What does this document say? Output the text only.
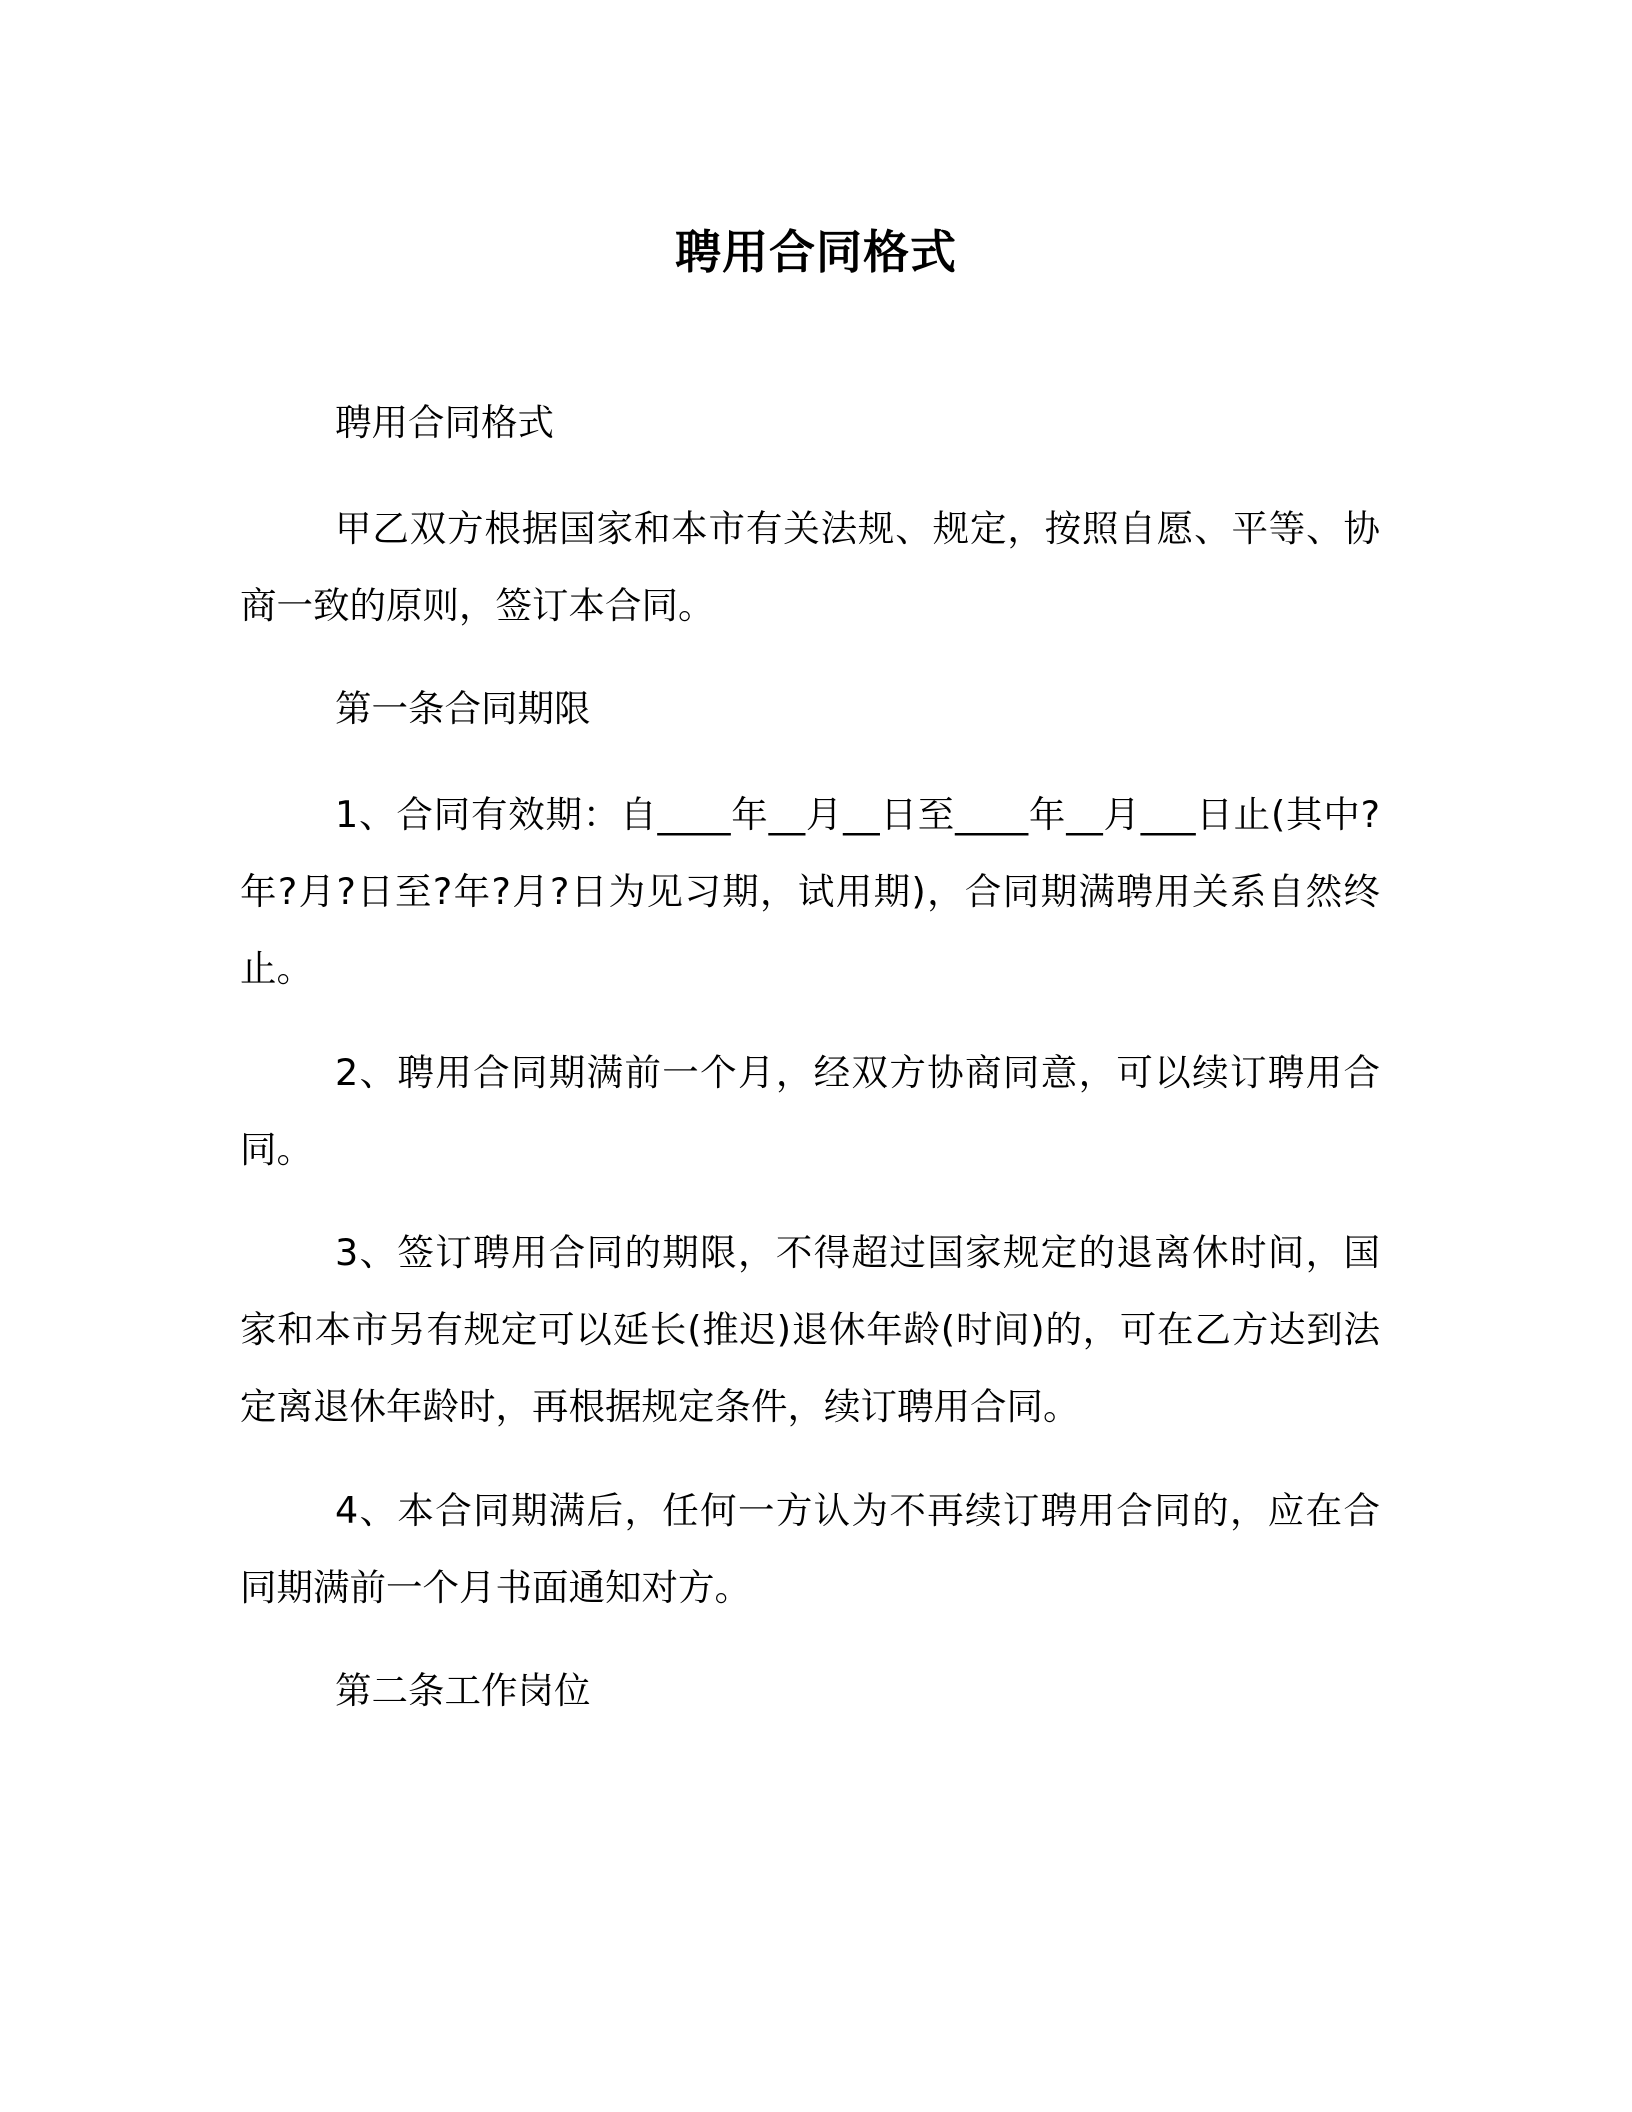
聘用合同格式

聘用合同格式

甲乙双方根据国家和本市有关法规、规定，按照自愿、平等、协商一致的原则，签订本合同。

第一条合同期限

1、合同有效期：自____年__月__日至____年__月___日止(其中?年?月?日至?年?月?日为见习期，试用期)，合同期满聘用关系自然终止。

2、聘用合同期满前一个月，经双方协商同意，可以续订聘用合同。

3、签订聘用合同的期限，不得超过国家规定的退离休时间，国家和本市另有规定可以延长(推迟)退休年龄(时间)的，可在乙方达到法定离退休年龄时，再根据规定条件，续订聘用合同。

4、本合同期满后，任何一方认为不再续订聘用合同的，应在合同期满前一个月书面通知对方。

第二条工作岗位
